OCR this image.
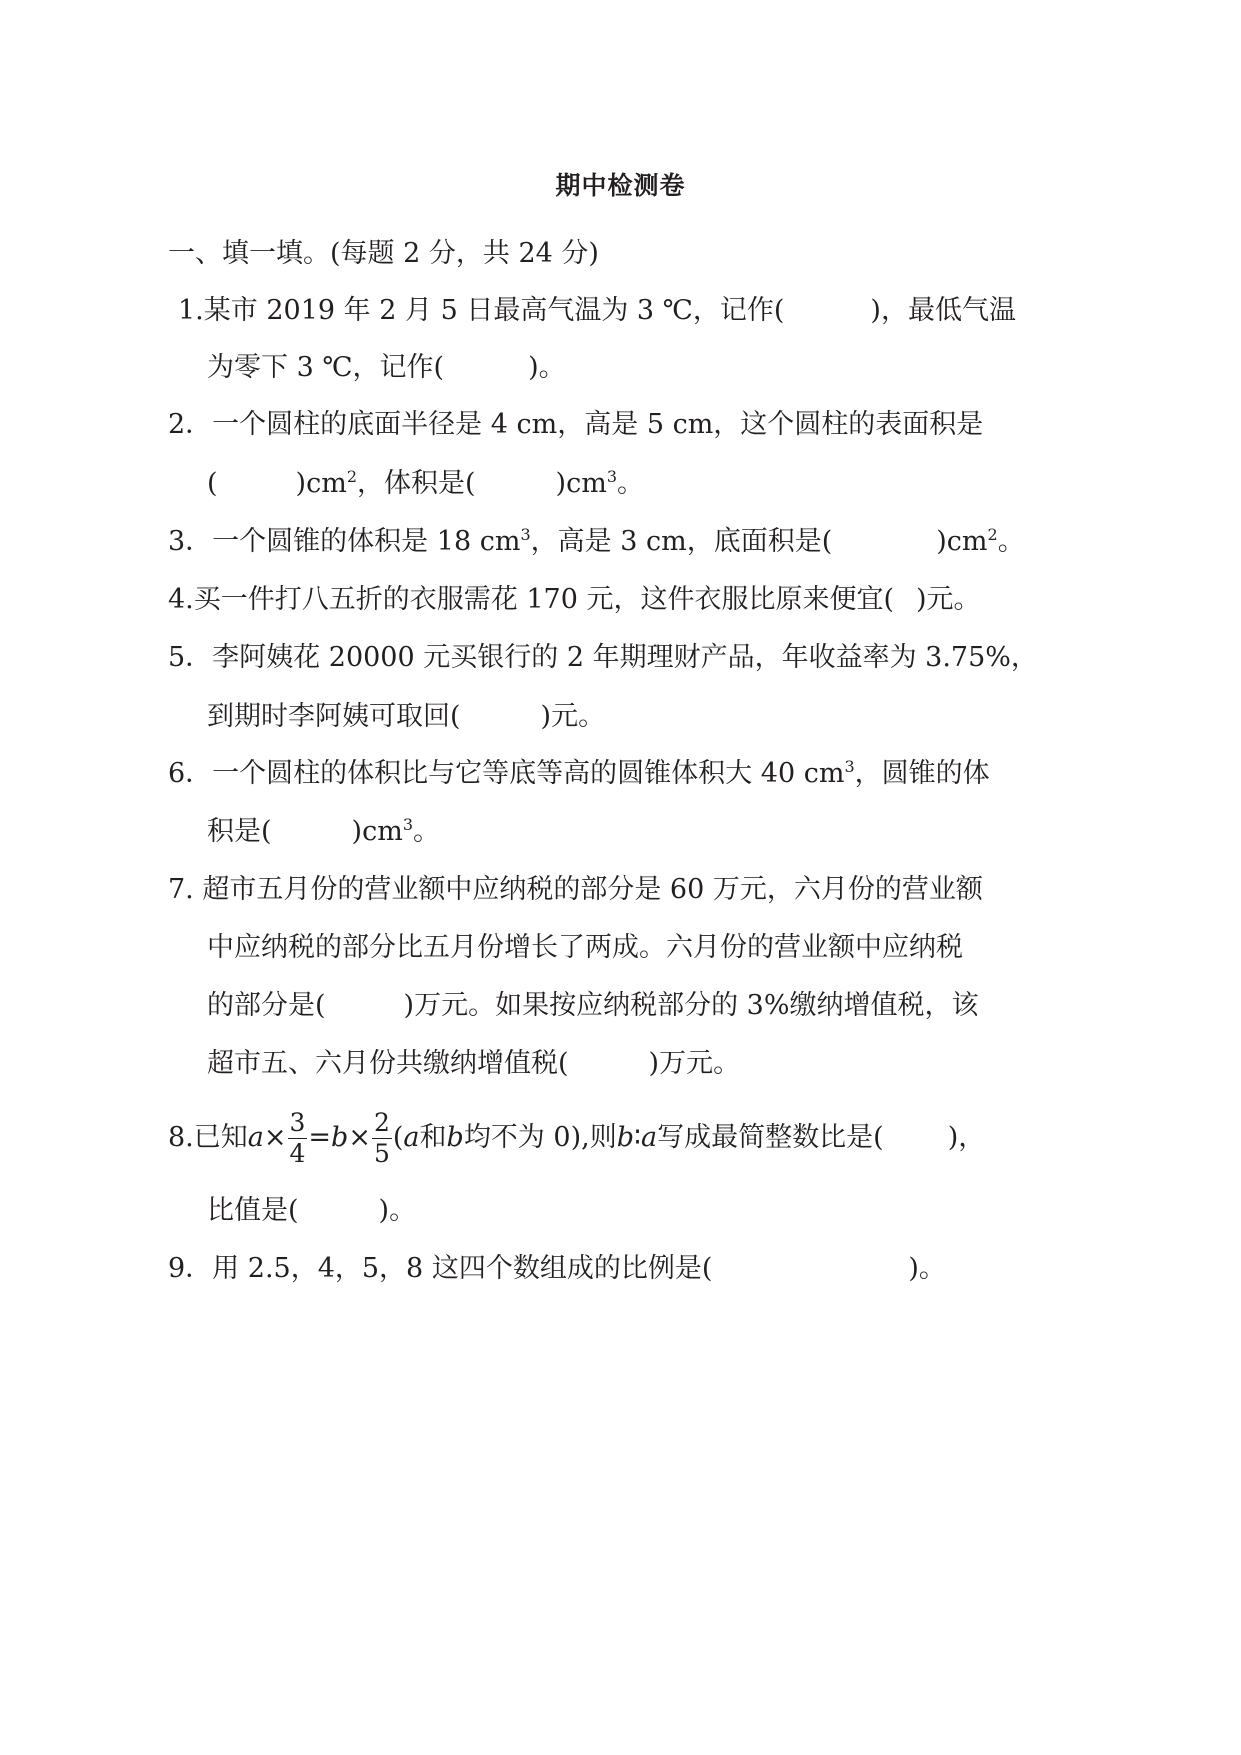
期中检测卷
一、填一填。(每题 2 分，共 24 分)
1.某市 2019 年 2 月 5 日最高气温为 3 ℃，记作(	)，最低气温
为零下 3 ℃，记作(	)。
2．一个圆柱的底面半径是 4 cm，高是 5 cm，这个圆柱的表面积是
(	)$cm^2$，体积是(	)$cm^3$。
3．一个圆锥的体积是 18 $cm^3$，高是 3 cm，底面积是(	)$cm^2$。
4.买一件打八五折的衣服需花 170 元，这件衣服比原来便宜( )元。
5．李阿姨花 20000 元买银行的 2 年期理财产品，年收益率为 3.75%，
到期时李阿姨可取回(	)元。
6．一个圆柱的体积比与它等底等高的圆锥体积大 40 $cm^3$，圆锥的体
积是(	)$cm^3$。
7. 超市五月份的营业额中应纳税的部分是 60 万元，六月份的营业额
中应纳税的部分比五月份增长了两成。六月份的营业额中应纳税
的部分是(	)万元。如果按应纳税部分的 3%缴纳增值税，该
超市五、六月份共缴纳增值税(	)万元。
8.已知$a\times \frac{3}{4} =b\times \frac{2}{5} (a$和b均不为 0),则b∶a写成最简整数比是( )，
比值是(	)。
9．用 2.5，4，5，8 这四个数组成的比例是(	)。
